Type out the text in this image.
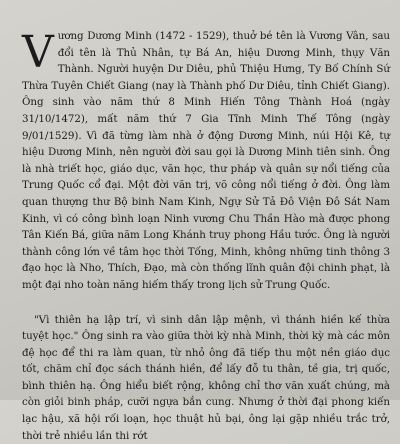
Vương Dương Minh (1472 - 1529), thuở bé tên là Vương Vân, sau đổi tên là Thủ Nhân, tự Bá An, hiệu Dương Minh, thụy Văn Thành. Người huyện Dư Diêu, phủ Thiệu Hưng, Ty Bố Chính Sứ Thừa Tuyên Chiết Giang (nay là Thành phố Dư Diêu, tỉnh Chiết Giang). Ông sinh vào năm thứ 8 Minh Hiến Tông Thành Hoá (ngày 31/10/1472), mất năm thứ 7 Gia Tĩnh Minh Thế Tông (ngày 9/01/1529). Vì đã từng làm nhà ở động Dương Minh, núi Hội Kê, tự hiệu Dương Minh, nên người đời sau gọi là Dương Minh tiên sinh. Ông là nhà triết học, giáo dục, văn học, thư pháp và quân sự nổi tiếng của Trung Quốc cổ đại. Một đời văn trị, võ công nổi tiếng ở đời. Ông làm quan thượng thư Bộ binh Nam Kinh, Ngự Sử Tả Đô Viện Đô Sát Nam Kinh, vì có công bình loạn Ninh vương Chu Thần Hào mà được phong Tân Kiến Bá, giữa năm Long Khánh truy phong Hầu tước. Ông là người thành công lớn về tâm học thời Tống, Minh, không những tinh thông 3 đạo học là Nho, Thích, Đạo, mà còn thống lĩnh quân đội chinh phạt, là một đại nho toàn năng hiếm thấy trong lịch sử Trung Quốc.

"Vì thiên hạ lập trí, vì sinh dân lập mệnh, vì thánh hiền kế thừa tuyệt học." Ông sinh ra vào giữa thời kỳ nhà Minh, thời kỳ mà các môn đệ học để thi ra làm quan, từ nhỏ ông đã tiếp thu một nền giáo dục tốt, chăm chỉ đọc sách thánh hiền, để lấy đỗ tu thân, tề gia, trị quốc, bình thiên hạ. Ông hiểu biết rộng, không chỉ thơ văn xuất chúng, mà còn giỏi binh pháp, cưỡi ngựa bắn cung. Nhưng ở thời đại phong kiến lạc hậu, xã hội rối loạn, học thuật hủ bại, ông lại gặp nhiều trắc trở, thời trẻ nhiều lần thi rớt
